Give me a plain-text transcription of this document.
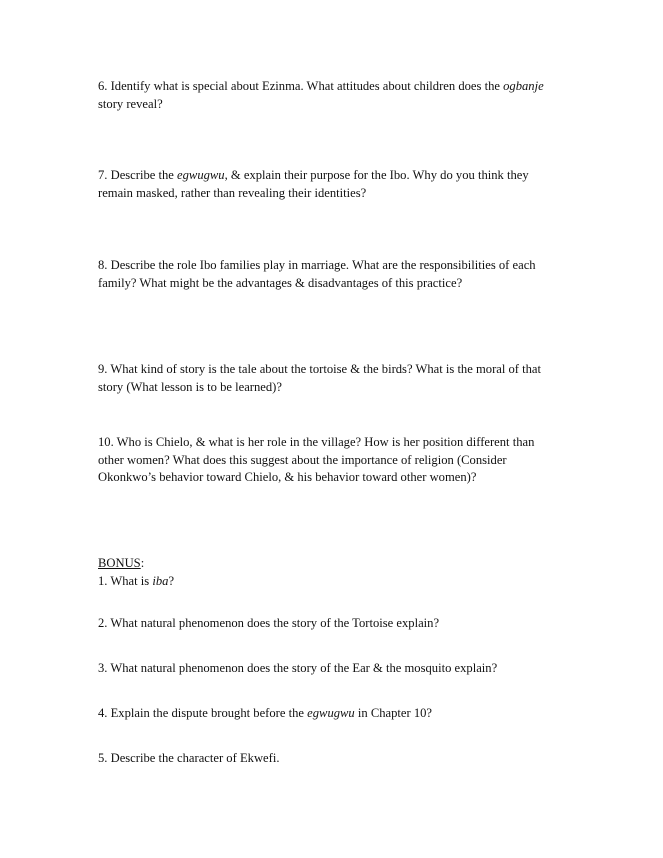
6. Identify what is special about Ezinma. What attitudes about children does the ogbanje
story reveal?

7. Describe the egwugwu, & explain their purpose for the Ibo. Why do you think they
remain masked, rather than revealing their identities?

8. Describe the role Ibo families play in marriage. What are the responsibilities of each
family? What might be the advantages & disadvantages of this practice?

9. What kind of story is the tale about the tortoise & the birds? What is the moral of that
story (What lesson is to be learned)?

10. Who is Chielo, & what is her role in the village? How is her position different than
other women? What does this suggest about the importance of religion (Consider
Okonkwo’s behavior toward Chielo, & his behavior toward other women)?

BONUS:
1. What is iba?

2. What natural phenomenon does the story of the Tortoise explain?

3. What natural phenomenon does the story of the Ear & the mosquito explain?

4. Explain the dispute brought before the egwugwu in Chapter 10?

5. Describe the character of Ekwefi.
